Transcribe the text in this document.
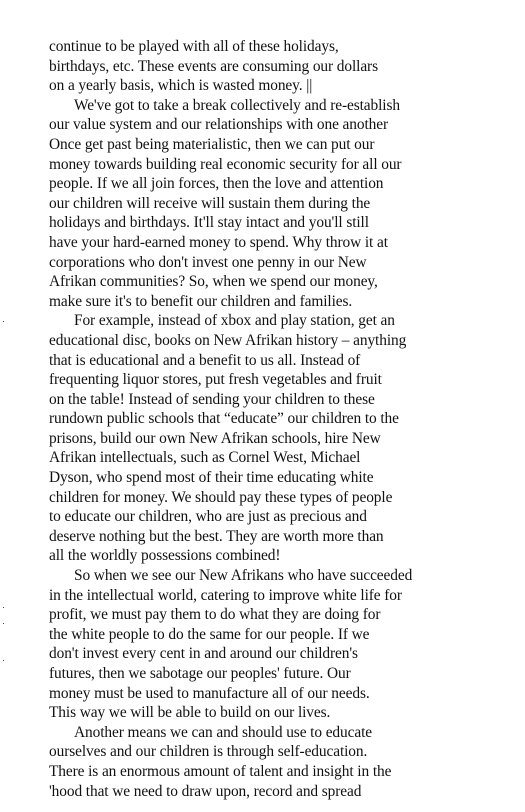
continue to be played with all of these holidays,
birthdays, etc. These events are consuming our dollars
on a yearly basis, which is wasted money. ||

We've got to take a break collectively and re-establish
our value system and our relationships with one another
Once get past being materialistic, then we can put our
money towards building real economic security for all our
people. If we all join forces, then the love and attention
our children will receive will sustain them during the
holidays and birthdays. It'll stay intact and you'll still
have your hard-earned money to spend. Why throw it at
corporations who don't invest one penny in our New
Afrikan communities? So, when we spend our money,
make sure it's to benefit our children and families.

For example, instead of xbox and play station, get an
educational disc, books on New Afrikan history – anything
that is educational and a benefit to us all. Instead of
frequenting liquor stores, put fresh vegetables and fruit
on the table! Instead of sending your children to these
rundown public schools that “educate” our children to the
prisons, build our own New Afrikan schools, hire New
Afrikan intellectuals, such as Cornel West, Michael
Dyson, who spend most of their time educating white
children for money. We should pay these types of people
to educate our children, who are just as precious and
deserve nothing but the best. They are worth more than
all the worldly possessions combined!

So when we see our New Afrikans who have succeeded
in the intellectual world, catering to improve white life for
profit, we must pay them to do what they are doing for
the white people to do the same for our people. If we
don't invest every cent in and around our children's
futures, then we sabotage our peoples' future. Our
money must be used to manufacture all of our needs.
This way we will be able to build on our lives.

Another means we can and should use to educate
ourselves and our children is through self-education.
There is an enormous amount of talent and insight in the
'hood that we need to draw upon, record and spread

·
·
·
·
